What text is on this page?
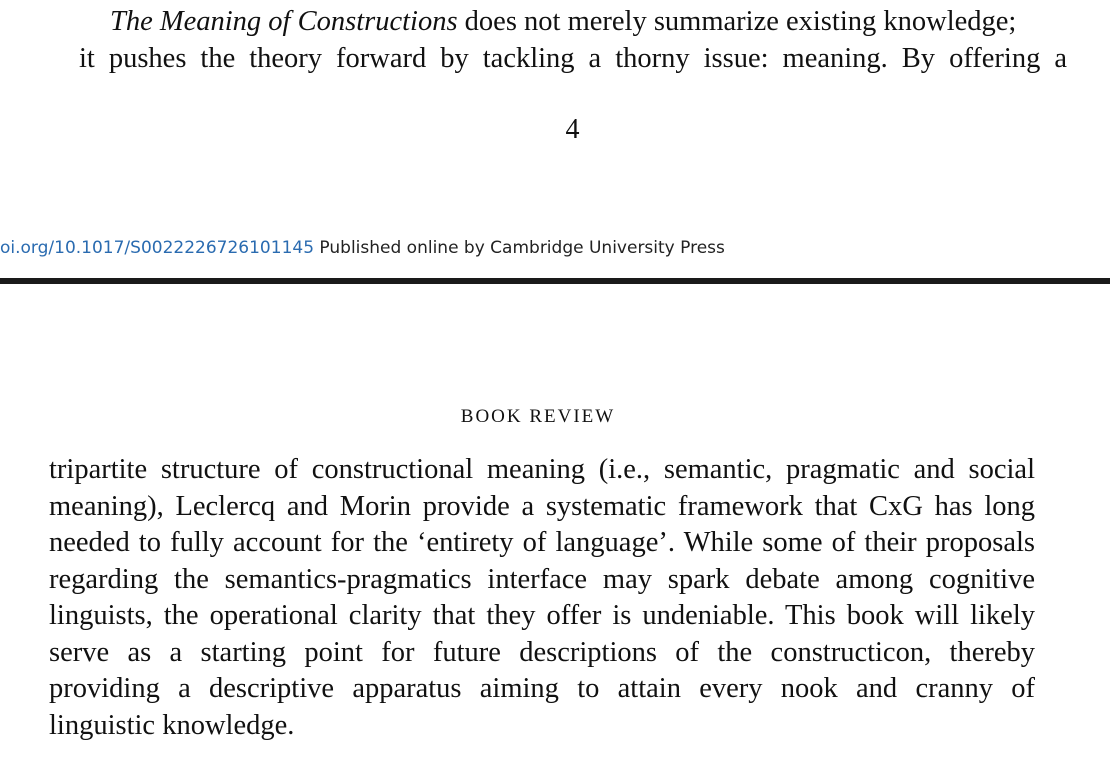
The Meaning of Constructions does not merely summarize existing knowledge;
it pushes the theory forward by tackling a thorny issue: meaning. By offering a
4
oi.org/10.1017/S0022226726101145 Published online by Cambridge University Press
BOOK REVIEW
tripartite structure of constructional meaning (i.e., semantic, pragmatic and social
meaning), Leclercq and Morin provide a systematic framework that CxG has long
needed to fully account for the ‘entirety of language’. While some of their proposals
regarding the semantics-pragmatics interface may spark debate among cognitive
linguists, the operational clarity that they offer is undeniable. This book will likely
serve as a starting point for future descriptions of the constructicon, thereby
providing a descriptive apparatus aiming to attain every nook and cranny of
linguistic knowledge.
